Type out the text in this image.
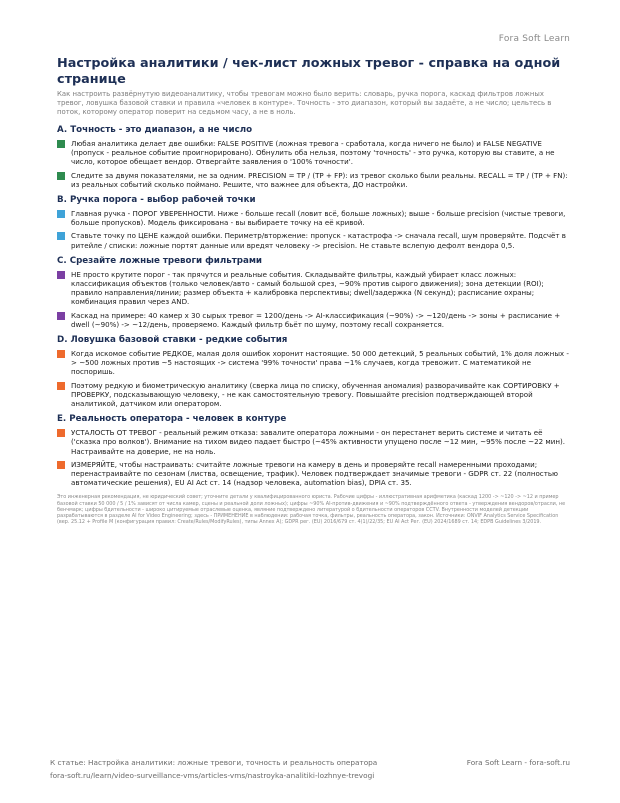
Fora Soft Learn
Настройка аналитики / чек-лист ложных тревог - справка на одной странице

Как настроить развёрнутую видеоаналитику, чтобы тревогам можно было верить: словарь, ручка порога, каскад фильтров ложных тревог, ловушка базовой ставки и правила «человек в контуре». Точность - это диапазон, который вы задаёте, а не число; цельтесь в поток, которому оператор поверит на седьмом часу, а не в ноль.

A. Точность - это диапазон, а не число
Любая аналитика делает две ошибки: FALSE POSITIVE (ложная тревога - сработала, когда ничего не было) и FALSE NEGATIVE (пропуск - реальное событие проигнорировано). Обнулить оба нельзя, поэтому 'точность' - это ручка, которую вы ставите, а не число, которое обещает вендор. Отвергайте заявления о '100% точности'.
Следите за двумя показателями, не за одним. PRECISION = TP / (TP + FP): из тревог сколько были реальны. RECALL = TP / (TP + FN): из реальных событий сколько поймано. Решите, что важнее для объекта, ДО настройки.
B. Ручка порога - выбор рабочей точки
Главная ручка - ПОРОГ УВЕРЕННОСТИ. Ниже - больше recall (ловит всё, больше ложных); выше - больше precision (чистые тревоги, больше пропусков). Модель фиксирована - вы выбираете точку на её кривой.
Ставьте точку по ЦЕНЕ каждой ошибки. Периметр/вторжение: пропуск - катастрофа -> сначала recall, шум проверяйте. Подсчёт в ритейле / списки: ложные портят данные или вредят человеку -> precision. Не ставьте вслепую дефолт вендора 0,5.
C. Срезайте ложные тревоги фильтрами
НЕ просто крутите порог - так прячутся и реальные события. Складывайте фильтры, каждый убирает класс ложных: классификация объектов (только человек/авто - самый большой срез, ~90% против сырого движения); зона детекции (ROI); правило направления/линии; размер объекта + калибровка перспективы; dwell/задержка (N секунд); расписание охраны; комбинация правил через AND.
Каскад на примере: 40 камер x 30 сырых тревог = 1200/день -> AI-классификация (~90%) -> ~120/день -> зоны + расписание + dwell (~90%) -> ~12/день, проверяемо. Каждый фильтр бьёт по шуму, поэтому recall сохраняется.
D. Ловушка базовой ставки - редкие события
Когда искомое событие РЕДКОЕ, малая доля ошибок хоронит настоящие. 50 000 детекций, 5 реальных событий, 1% доля ложных -> ~500 ложных против ~5 настоящих -> система '99% точности' права ~1% случаев, когда тревожит. С математикой не поспоришь.
Поэтому редкую и биометрическую аналитику (сверка лица по списку, обученная аномалия) разворачивайте как СОРТИРОВКУ + ПРОВЕРКУ, подсказывающую человеку, - не как самостоятельную тревогу. Повышайте precision подтверждающей второй аналитикой, датчиком или оператором.
E. Реальность оператора - человек в контуре
УСТАЛОСТЬ ОТ ТРЕВОГ - реальный режим отказа: завалите оператора ложными - он перестанет верить системе и читать её ('сказка про волков'). Внимание на тихом видео падает быстро (~45% активности упущено после ~12 мин, ~95% после ~22 мин). Настраивайте на доверие, не на ноль.
ИЗМЕРЯЙТЕ, чтобы настраивать: считайте ложные тревоги на камеру в день и проверяйте recall намеренными проходами; перенастраивайте по сезонам (листва, освещение, трафик). Человек подтверждает значимые тревоги - GDPR ст. 22 (полностью автоматические решения), EU AI Act ст. 14 (надзор человека, automation bias), DPIA ст. 35.

Это инженерная рекомендация, не юридический совет; уточните детали у квалифицированного юриста. Рабочие цифры - иллюстративная арифметика (каскад 1200 -> ~120 -> ~12 и пример базовой ставки 50 000 / 5 / 1% зависят от числа камер, сцены и реальной доли ложных); цифры ~90% AI-против-движения и ~90% подтверждённого ответа - утверждения вендоров/отрасли, не бенчмарк; цифры бдительности - широко цитируемые отраслевые оценка, являние подтверждено литературой о бдительности операторов CCTV. Внутренности моделей детекции разрабатываются в разделе AI for Video Engineering; здесь - ПРИМЕНЕНИЕ в наблюдении: рабочая точка, фильтры, реальность оператора, закон. Источники: ONVIF Analytics Service Specification (вер. 25.12 + Profile M (конфигурация правил: Create/Rules/ModifyRules), типы Annex A); GDPR рег. (EU) 2016/679 ст. 4(1)/22/35; EU AI Act Рег. (EU) 2024/1689 ст. 14; EDPB Guidelines 3/2019.

К статье: Настройка аналитики: ложные тревоги, точность и реальность оператора
fora-soft.ru/learn/video-surveillance-vms/articles-vms/nastroyka-analitiki-lozhnye-trevogi
Fora Soft Learn - fora-soft.ru
